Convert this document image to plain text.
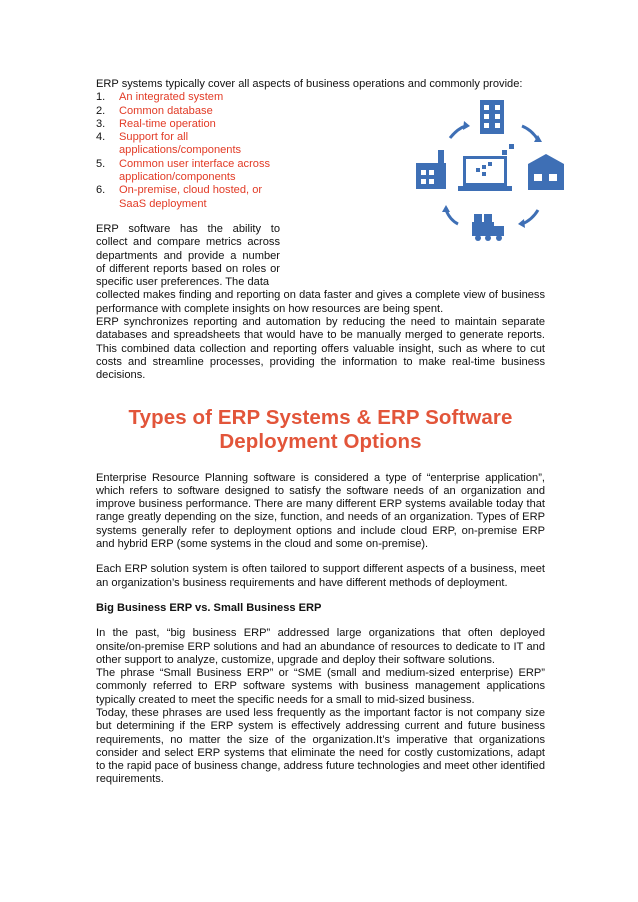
ERP systems typically cover all aspects of business operations and commonly provide:

1. An integrated system
2. Common database
3. Real-time operation
4. Support for all applications/components
5. Common user interface across application/components
6. On-premise, cloud hosted, or SaaS deployment

ERP software has the ability to collect and compare metrics across departments and provide a number of different reports based on roles or specific user preferences. The data

collected makes finding and reporting on data faster and gives a complete view of business performance with complete insights on how resources are being spent.

ERP synchronizes reporting and automation by reducing the need to maintain separate databases and spreadsheets that would have to be manually merged to generate reports. This combined data collection and reporting offers valuable insight, such as where to cut costs and streamline processes, providing the information to make real-time business decisions.

Types of ERP Systems & ERP Software
Deployment Options

Enterprise Resource Planning software is considered a type of “enterprise application”, which refers to software designed to satisfy the software needs of an organization and improve business performance. There are many different ERP systems available today that range greatly depending on the size, function, and needs of an organization. Types of ERP systems generally refer to deployment options and include cloud ERP, on-premise ERP and hybrid ERP (some systems in the cloud and some on-premise).

Each ERP solution system is often tailored to support different aspects of a business, meet an organization’s business requirements and have different methods of deployment.

Big Business ERP vs. Small Business ERP

In the past, “big business ERP” addressed large organizations that often deployed onsite/on-premise ERP solutions and had an abundance of resources to dedicate to IT and other support to analyze, customize, upgrade and deploy their software solutions.

The phrase “Small Business ERP” or “SME (small and medium-sized enterprise) ERP” commonly referred to ERP software systems with business management applications typically created to meet the specific needs for a small to mid-sized business.

Today, these phrases are used less frequently as the important factor is not company size but determining if the ERP system is effectively addressing current and future business requirements, no matter the size of the organization.It’s imperative that organizations consider and select ERP systems that eliminate the need for costly customizations, adapt to the rapid pace of business change, address future technologies and meet other identified requirements.
